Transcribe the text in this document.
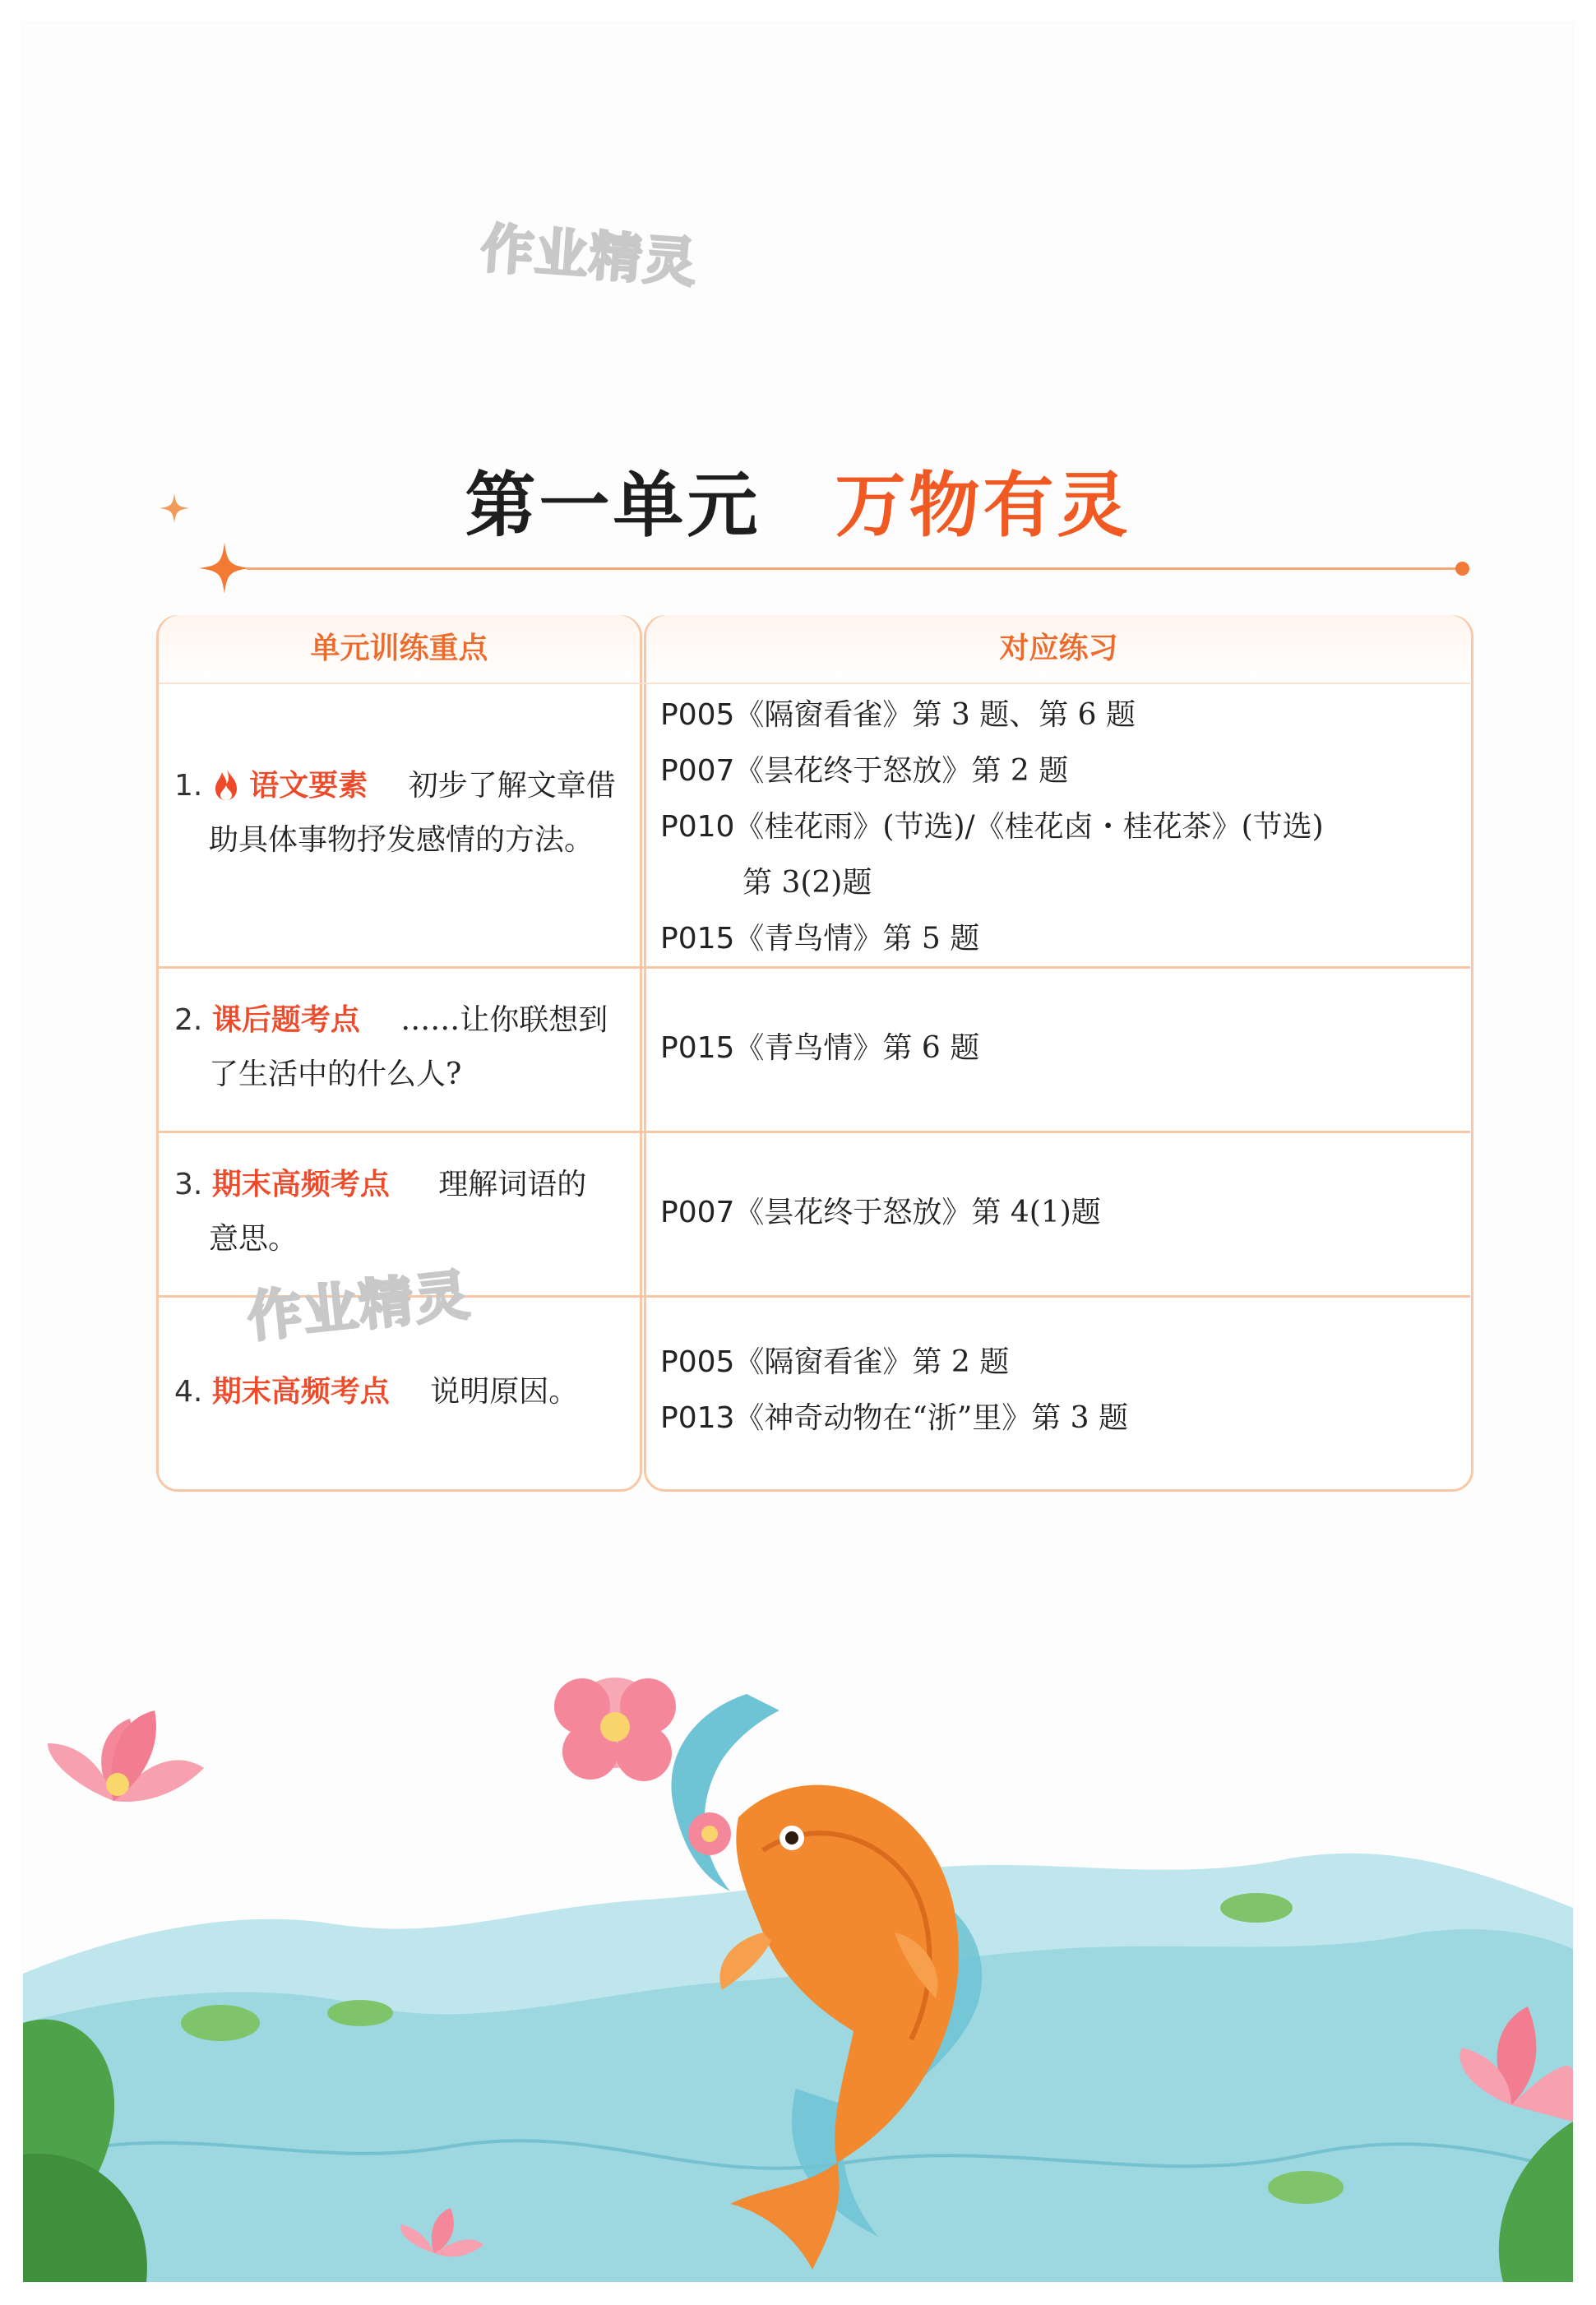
作业精灵
第一单元 万物有灵
单元训练重点	对应练习
1. 语文要素 初步了解文章借
助具体事物抒发感情的方法。
P005《隔窗看雀》第 3 题、第 6 题
P007《昙花终于怒放》第 2 题
P010《桂花雨》(节选)/《桂花卤・桂花茶》(节选)
第 3(2)题
P015《青鸟情》第 5 题
2. 课后题考点 ……让你联想到
了生活中的什么人?
P015《青鸟情》第 6 题
3. 期末高频考点 理解词语的
意思。
P007《昙花终于怒放》第 4(1)题
4. 期末高频考点 说明原因。
P005《隔窗看雀》第 2 题
P013《神奇动物在“浙”里》第 3 题
作业精灵
